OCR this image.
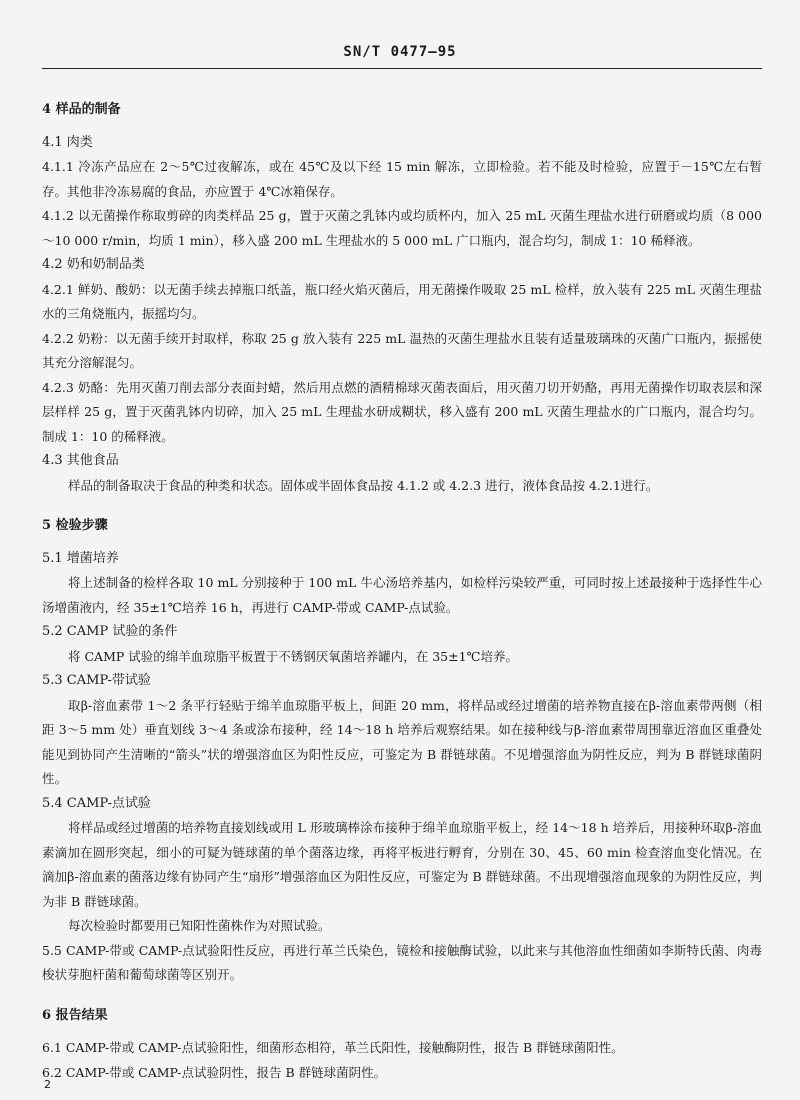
SN/T 0477—95
4 样品的制备
4.1 肉类

4.1.1 冷冻产品应在 2～5℃过夜解冻，或在 45℃及以下经 15 min 解冻，立即检验。若不能及时检验，应置于－15℃左右暂存。其他非冷冻易腐的食品，亦应置于 4℃冰箱保存。

4.1.2 以无菌操作称取剪碎的肉类样品 25 g，置于灭菌之乳钵内或均质杯内，加入 25 mL 灭菌生理盐水进行研磨或均质（8 000～10 000 r/min，均质 1 min），移入盛 200 mL 生理盐水的 5 000 mL 广口瓶内，混合均匀，制成 1：10 稀释液。

4.2 奶和奶制品类

4.2.1 鲜奶、酸奶：以无菌手续去掉瓶口纸盖，瓶口经火焰灭菌后，用无菌操作吸取 25 mL 检样，放入装有 225 mL 灭菌生理盐水的三角烧瓶内，振摇均匀。

4.2.2 奶粉：以无菌手续开封取样，称取 25 g 放入装有 225 mL 温热的灭菌生理盐水且装有适量玻璃珠的灭菌广口瓶内，振摇使其充分溶解混匀。

4.2.3 奶酪：先用灭菌刀削去部分表面封蜡，然后用点燃的酒精棉球灭菌表面后，用灭菌刀切开奶酪，再用无菌操作切取表层和深层样样 25 g，置于灭菌乳钵内切碎，加入 25 mL 生理盐水研成糊状，移入盛有 200 mL 灭菌生理盐水的广口瓶内，混合均匀。制成 1：10 的稀释液。

4.3 其他食品

样品的制备取决于食品的种类和状态。固体或半固体食品按 4.1.2 或 4.2.3 进行，液体食品按 4.2.1进行。

5 检验步骤
5.1 增菌培养

将上述制备的检样各取 10 mL 分别接种于 100 mL 牛心汤培养基内，如检样污染较严重，可同时按上述最接种于选择性牛心汤增菌液内，经 35±1℃培养 16 h，再进行 CAMP-带或 CAMP-点试验。

5.2 CAMP 试验的条件

将 CAMP 试验的绵羊血琼脂平板置于不锈钢厌氧菌培养罐内，在 35±1℃培养。

5.3 CAMP-带试验

取β-溶血素带 1～2 条平行轻贴于绵羊血琼脂平板上，间距 20 mm，将样品或经过增菌的培养物直接在β-溶血素带两侧（相距 3～5 mm 处）垂直划线 3～4 条或涂布接种，经 14～18 h 培养后观察结果。如在接种线与β-溶血素带周围靠近溶血区重叠处能见到协同产生清晰的“箭头”状的增强溶血区为阳性反应，可鉴定为 B 群链球菌。不见增强溶血为阴性反应，判为 B 群链球菌阴性。

5.4 CAMP-点试验

将样品或经过增菌的培养物直接划线或用 L 形玻璃棒涂布接种于绵羊血琼脂平板上，经 14～18 h 培养后，用接种环取β-溶血素滴加在圆形突起，细小的可疑为链球菌的单个菌落边缘，再将平板进行孵育，分别在 30、45、60 min 检查溶血变化情况。在滴加β-溶血素的菌落边缘有协同产生“扇形”增强溶血区为阳性反应，可鉴定为 B 群链球菌。不出现增强溶血现象的为阴性反应，判为非 B 群链球菌。

每次检验时都要用已知阳性菌株作为对照试验。

5.5 CAMP-带或 CAMP-点试验阳性反应，再进行革兰氏染色，镜检和接触酶试验，以此来与其他溶血性细菌如李斯特氏菌、肉毒梭状芽胞杆菌和葡萄球菌等区别开。

6 报告结果

6.1 CAMP-带或 CAMP-点试验阳性，细菌形态相符，革兰氏阳性，接触酶阴性，报告 B 群链球菌阳性。

6.2 CAMP-带或 CAMP-点试验阴性，报告 B 群链球菌阴性。

2
